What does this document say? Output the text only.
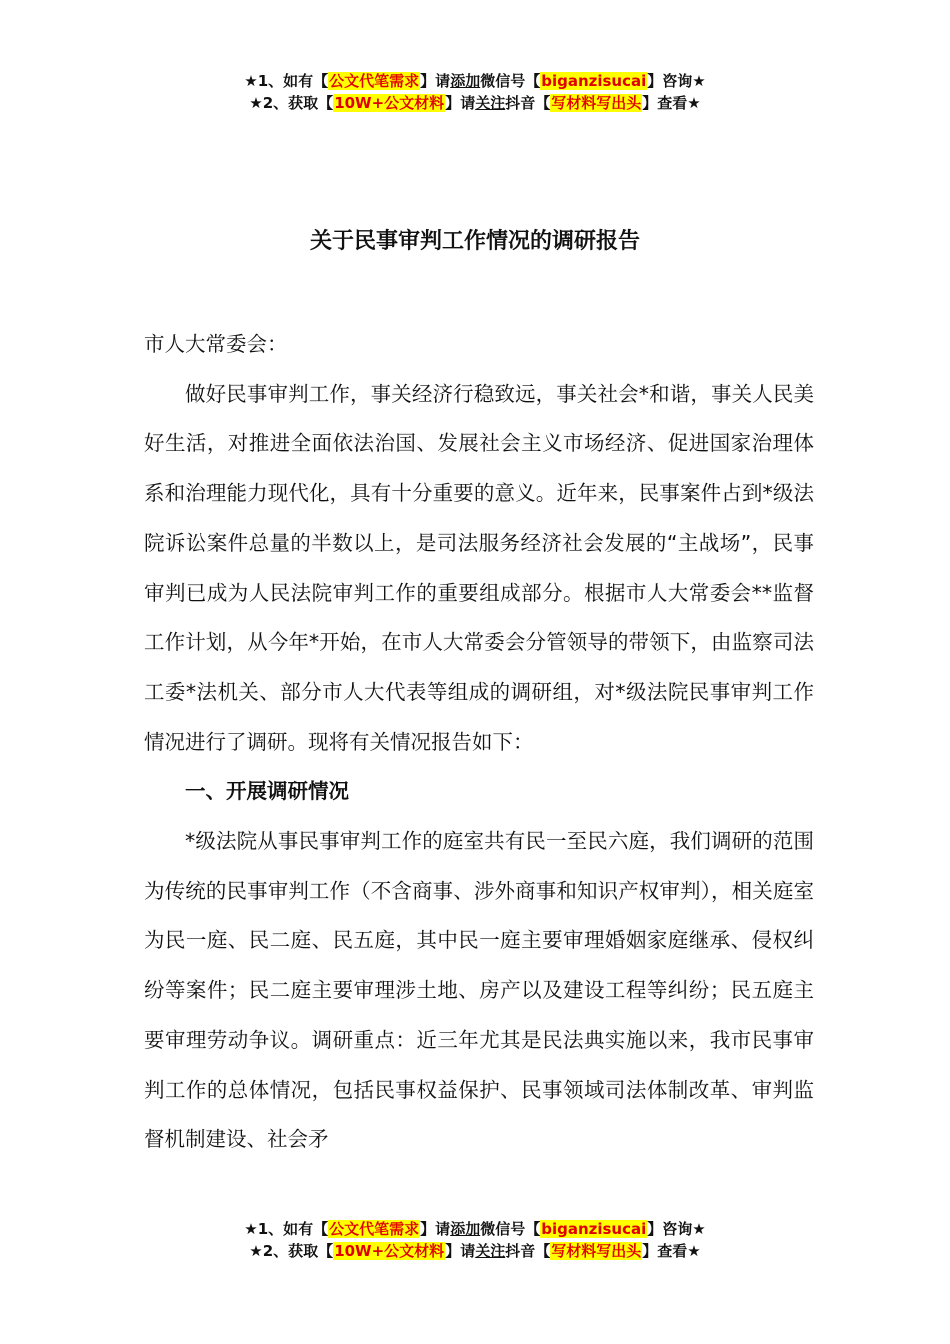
★1、如有【公文代笔需求】请添加微信号【biganzisucai】咨询★
★2、获取【10W+公文材料】请关注抖音【写材料写出头】查看★
关于民事审判工作情况的调研报告

市人大常委会：

做好民事审判工作，事关经济行稳致远，事关社会*和谐，事关人民美好生活，对推进全面依法治国、发展社会主义市场经济、促进国家治理体系和治理能力现代化，具有十分重要的意义。近年来，民事案件占到*级法院诉讼案件总量的半数以上，是司法服务经济社会发展的“主战场”，民事审判已成为人民法院审判工作的重要组成部分。根据市人大常委会**监督工作计划，从今年*开始，在市人大常委会分管领导的带领下，由监察司法工委*法机关、部分市人大代表等组成的调研组，对*级法院民事审判工作情况进行了调研。现将有关情况报告如下：

一、开展调研情况

*级法院从事民事审判工作的庭室共有民一至民六庭，我们调研的范围为传统的民事审判工作（不含商事、涉外商事和知识产权审判），相关庭室为民一庭、民二庭、民五庭，其中民一庭主要审理婚姻家庭继承、侵权纠纷等案件；民二庭主要审理涉土地、房产以及建设工程等纠纷；民五庭主要审理劳动争议。调研重点：近三年尤其是民法典实施以来，我市民事审判工作的总体情况，包括民事权益保护、民事领域司法体制改革、审判监督机制建设、社会矛

★1、如有【公文代笔需求】请添加微信号【biganzisucai】咨询★
★2、获取【10W+公文材料】请关注抖音【写材料写出头】查看★
